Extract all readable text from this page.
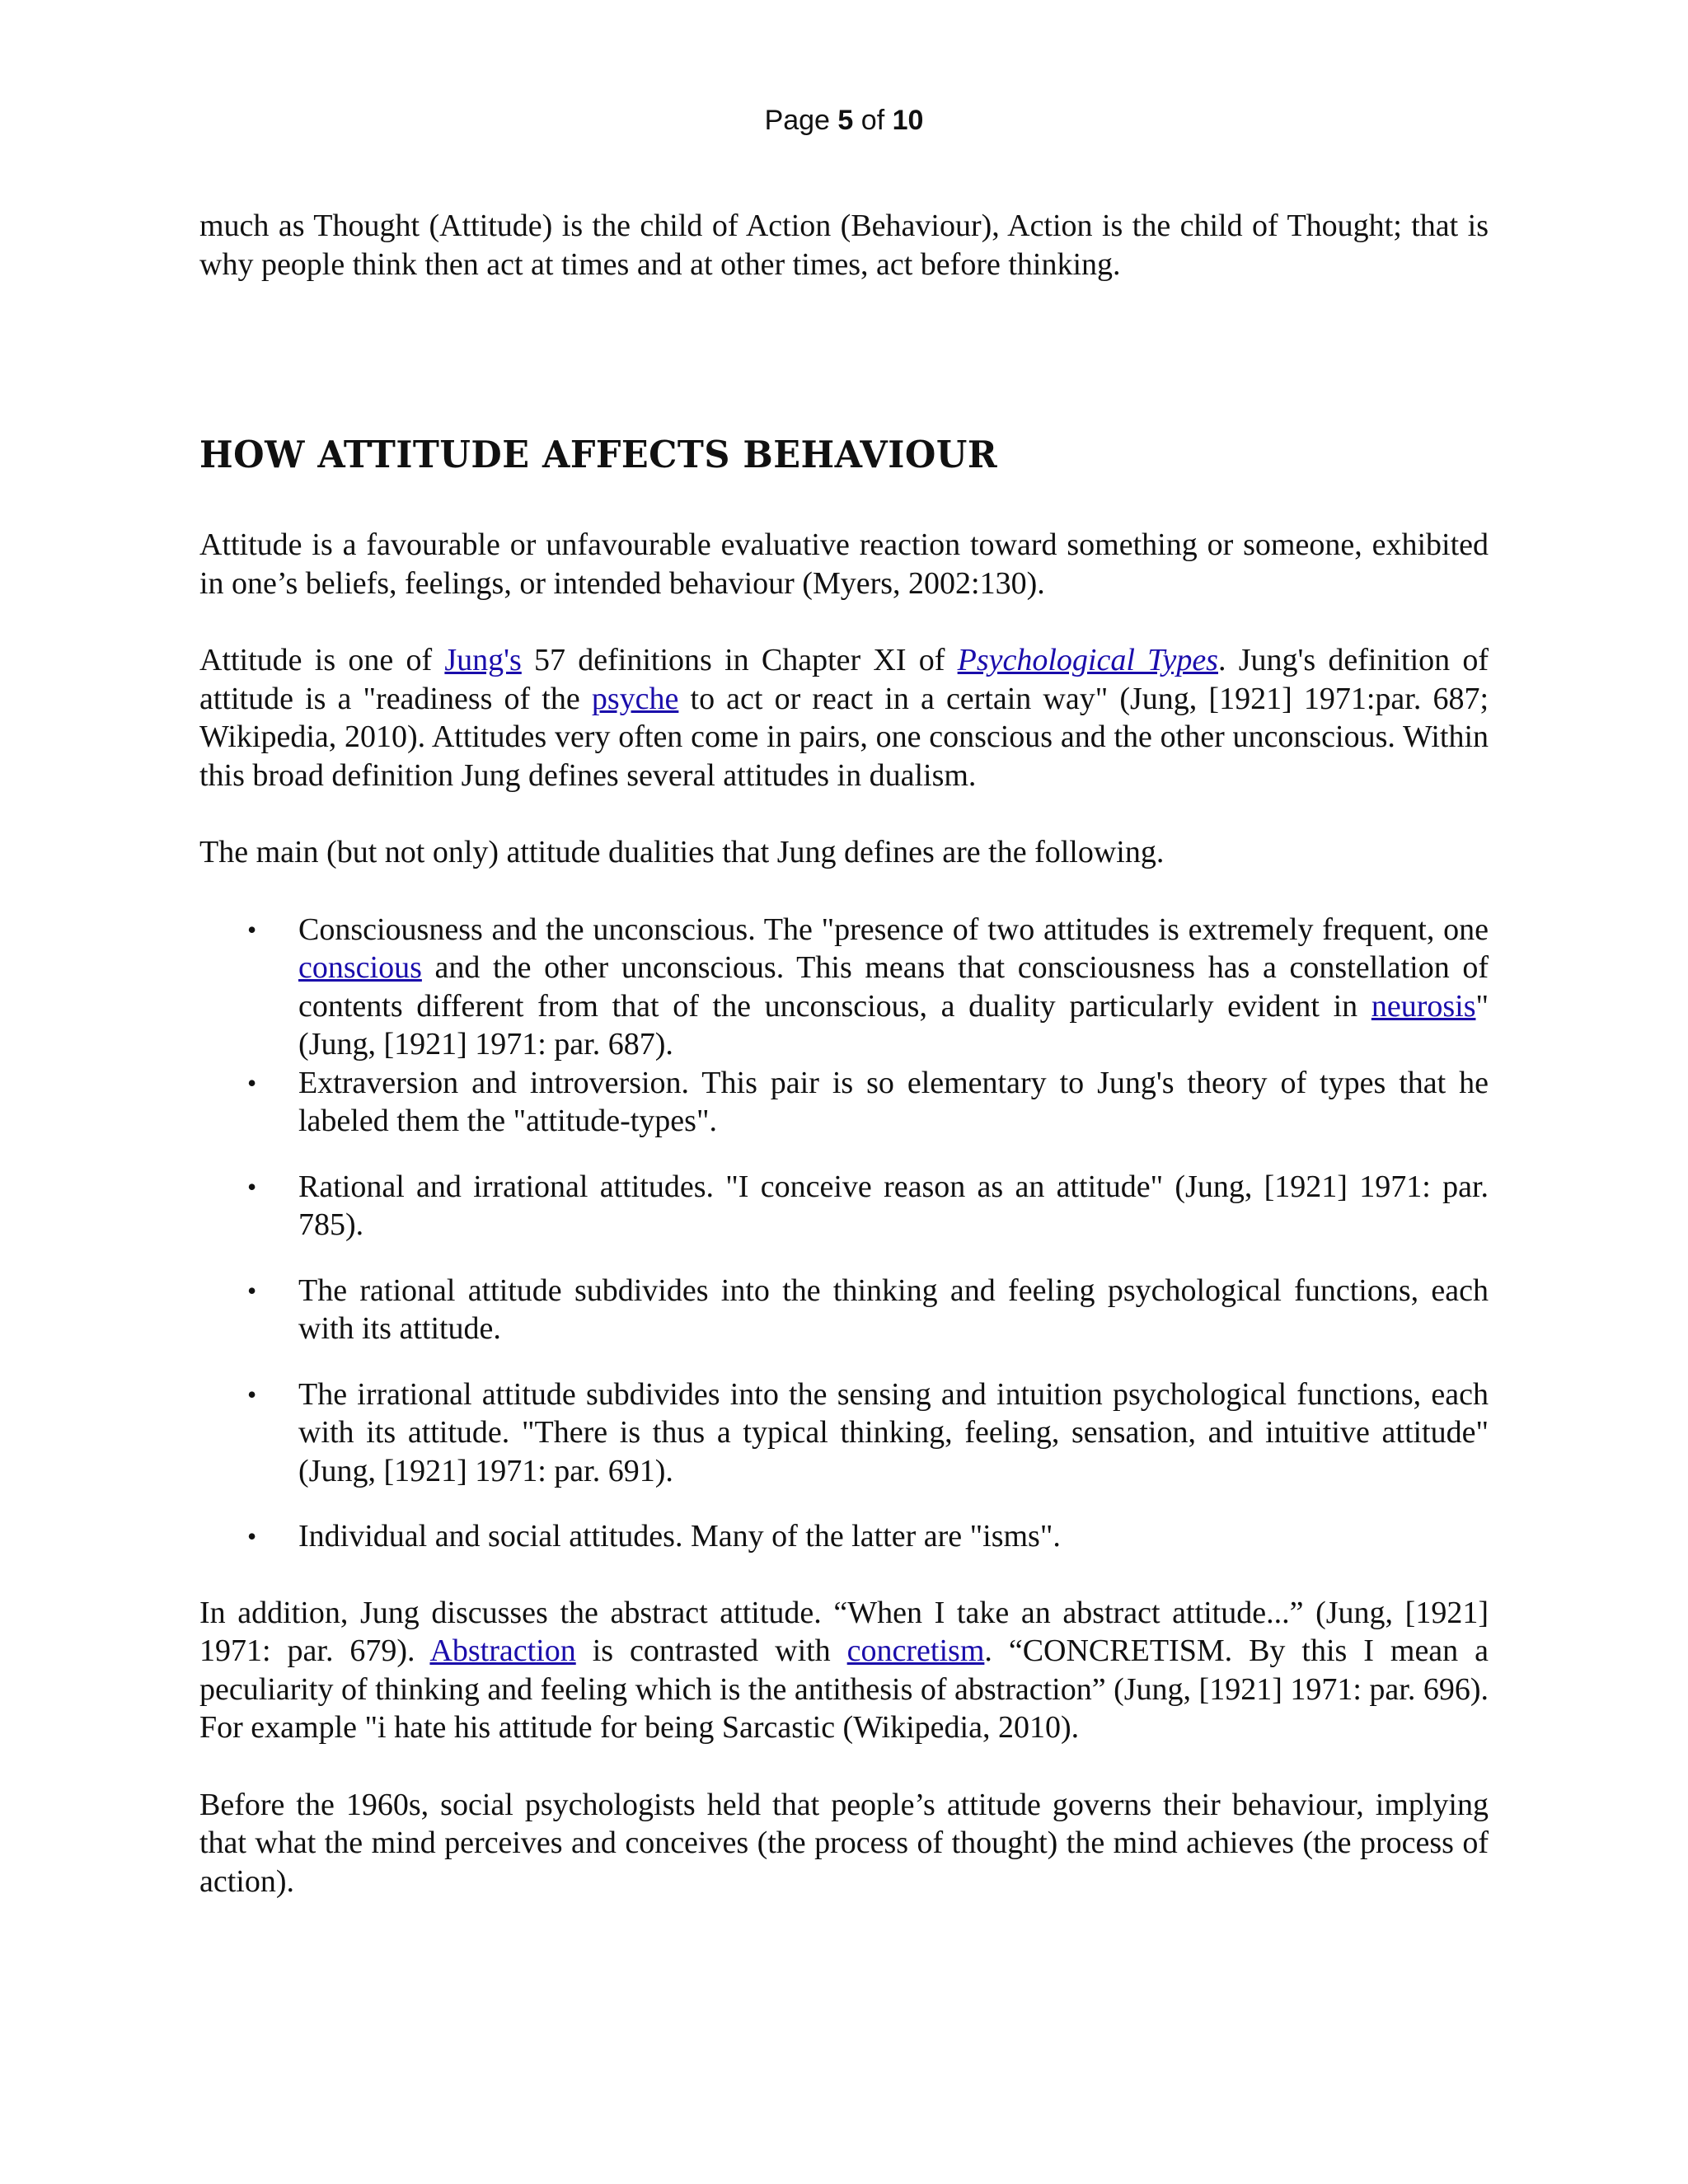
Page 5 of 10

much as Thought (Attitude) is the child of Action (Behaviour), Action is the child of Thought; that is why people think then act at times and at other times, act before thinking.

HOW ATTITUDE AFFECTS BEHAVIOUR

Attitude is a favourable or unfavourable evaluative reaction toward something or someone, exhibited in one’s beliefs, feelings, or intended behaviour (Myers, 2002:130).

Attitude is one of Jung's 57 definitions in Chapter XI of Psychological Types. Jung's definition of attitude is a "readiness of the psyche to act or react in a certain way" (Jung, [1921] 1971:par. 687; Wikipedia, 2010). Attitudes very often come in pairs, one conscious and the other unconscious. Within this broad definition Jung defines several attitudes in dualism.

The main (but not only) attitude dualities that Jung defines are the following.

• Consciousness and the unconscious. The "presence of two attitudes is extremely frequent, one conscious and the other unconscious. This means that consciousness has a constellation of contents different from that of the unconscious, a duality particularly evident in neurosis" (Jung, [1921] 1971: par. 687).
• Extraversion and introversion. This pair is so elementary to Jung's theory of types that he labeled them the "attitude-types".
• Rational and irrational attitudes. "I conceive reason as an attitude" (Jung, [1921] 1971: par. 785).
• The rational attitude subdivides into the thinking and feeling psychological functions, each with its attitude.
• The irrational attitude subdivides into the sensing and intuition psychological functions, each with its attitude. "There is thus a typical thinking, feeling, sensation, and intuitive attitude" (Jung, [1921] 1971: par. 691).
• Individual and social attitudes. Many of the latter are "isms".

In addition, Jung discusses the abstract attitude. “When I take an abstract attitude...” (Jung, [1921] 1971: par. 679). Abstraction is contrasted with concretism. “CONCRETISM. By this I mean a peculiarity of thinking and feeling which is the antithesis of abstraction” (Jung, [1921] 1971: par. 696). For example "i hate his attitude for being Sarcastic (Wikipedia, 2010).

Before the 1960s, social psychologists held that people’s attitude governs their behaviour, implying that what the mind perceives and conceives (the process of thought) the mind achieves (the process of action).
